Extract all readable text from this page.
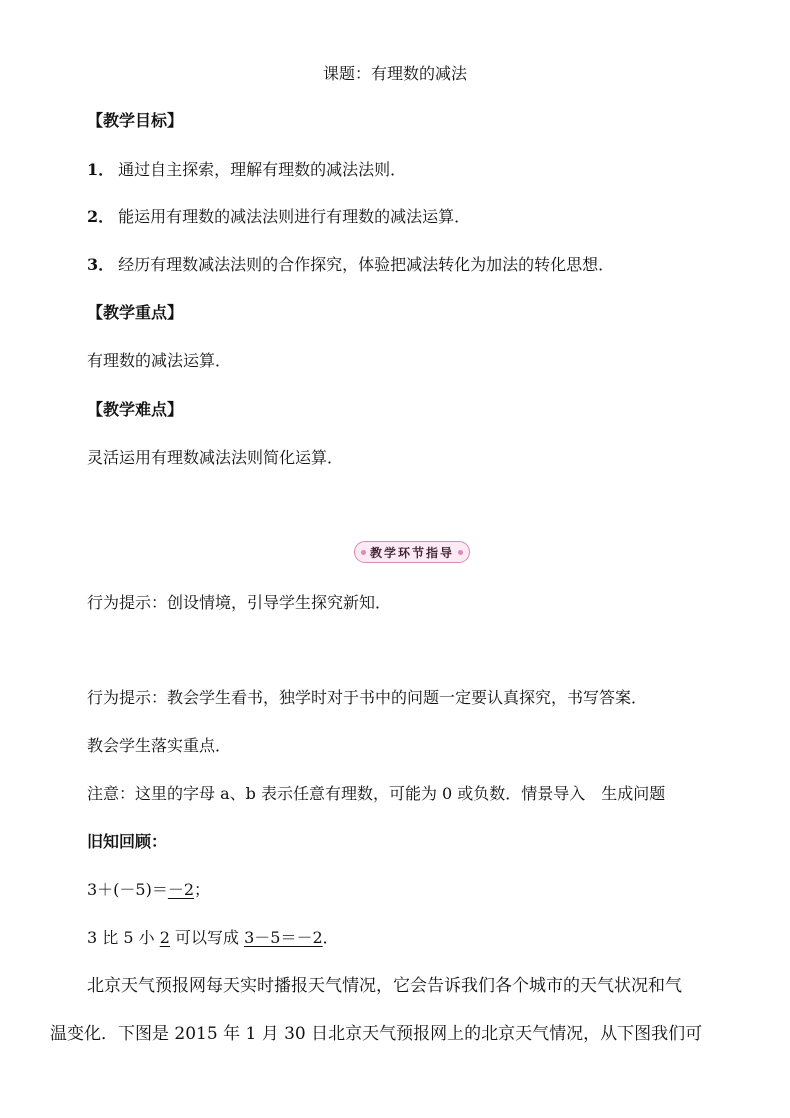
课题：有理数的减法
【教学目标】
1． 通过自主探索，理解有理数的减法法则．
2． 能运用有理数的减法法则进行有理数的减法运算．
3． 经历有理数减法法则的合作探究，体验把减法转化为加法的转化思想．
【教学重点】
有理数的减法运算．
【教学难点】
灵活运用有理数减法法则简化运算．
教学环节指导
行为提示：创设情境，引导学生探究新知．
行为提示：教会学生看书，独学时对于书中的问题一定要认真探究，书写答案．
教会学生落实重点．
注意：这里的字母 a、b 表示任意有理数，可能为 0 或负数．情景导入　生成问题
旧知回顾：
3＋(－5)＝－2；
3 比 5 小 2 可以写成 3－5＝－2．
北京天气预报网每天实时播报天气情况，它会告诉我们各个城市的天气状况和气
温变化．下图是 2015 年 1 月 30 日北京天气预报网上的北京天气情况，从下图我们可
